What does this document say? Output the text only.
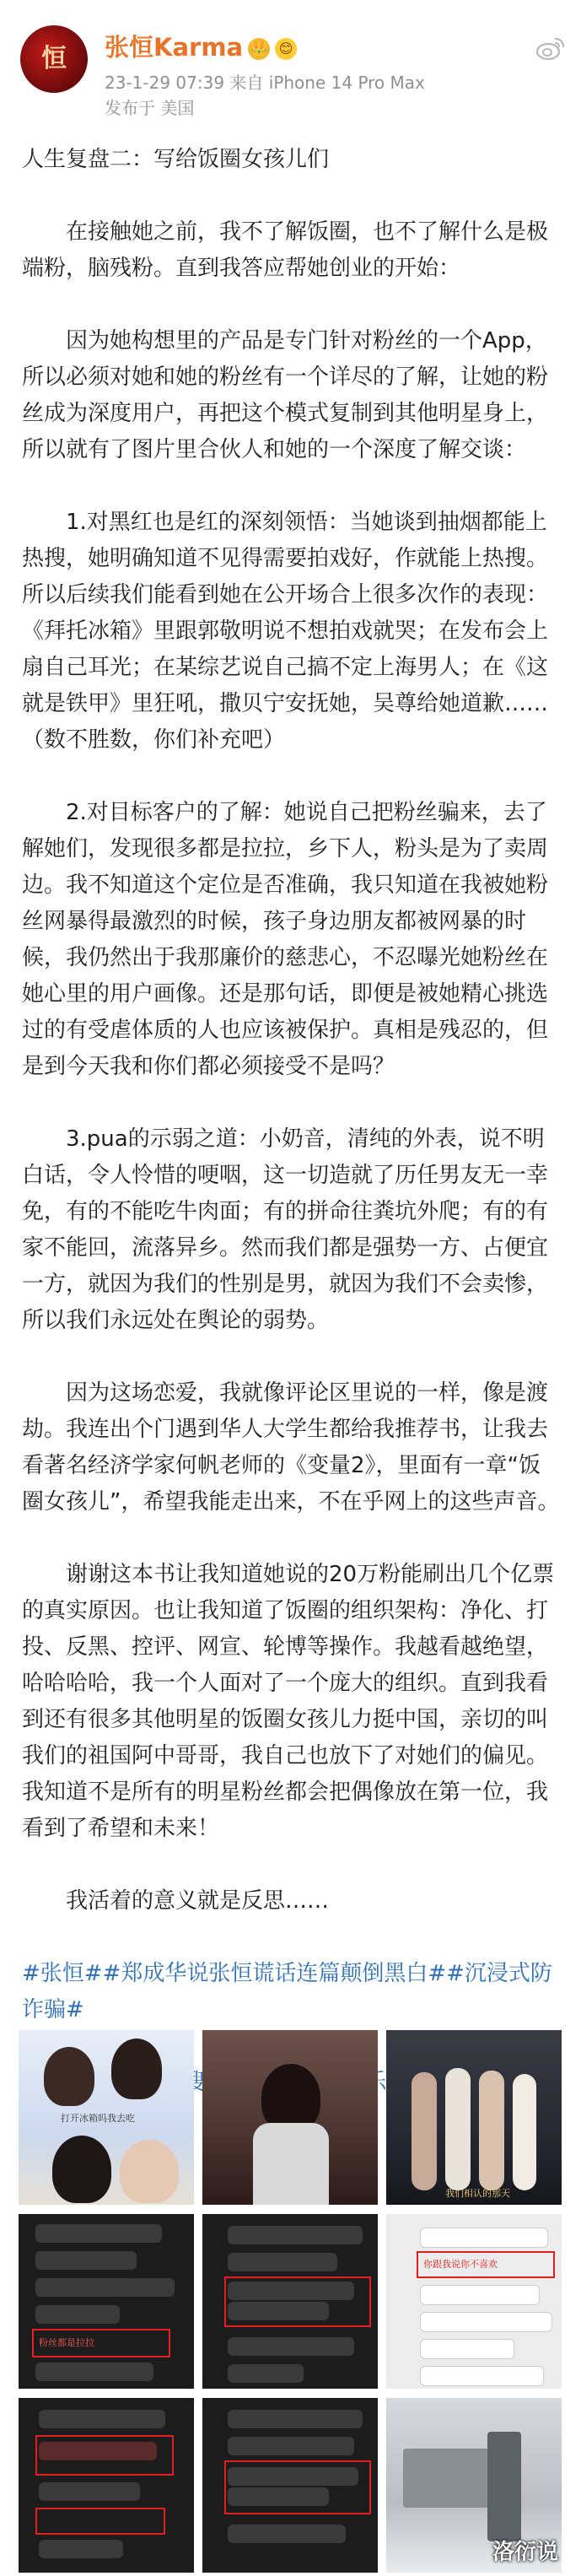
恒	张恒Karma 👑 😊
23-1-29 07:39 来自 iPhone 14 Pro Max
发布于 美国

人生复盘二：写给饭圈女孩儿们

在接触她之前，我不了解饭圈，也不了解什么是极端粉，脑残粉。直到我答应帮她创业的开始：

因为她构想里的产品是专门针对粉丝的一个App，所以必须对她和她的粉丝有一个详尽的了解，让她的粉丝成为深度用户，再把这个模式复制到其他明星身上，所以就有了图片里合伙人和她的一个深度了解交谈：

1.对黑红也是红的深刻领悟：当她谈到抽烟都能上热搜，她明确知道不见得需要拍戏好，作就能上热搜。所以后续我们能看到她在公开场合上很多次作的表现：《拜托冰箱》里跟郭敬明说不想拍戏就哭；在发布会上扇自己耳光；在某综艺说自己搞不定上海男人；在《这就是铁甲》里狂吼，撒贝宁安抚她，吴尊给她道歉……（数不胜数，你们补充吧）

2.对目标客户的了解：她说自己把粉丝骗来，去了解她们，发现很多都是拉拉，乡下人，粉头是为了卖周边。我不知道这个定位是否准确，我只知道在我被她粉丝网暴得最激烈的时候，孩子身边朋友都被网暴的时候，我仍然出于我那廉价的慈悲心，不忍曝光她粉丝在她心里的用户画像。还是那句话，即便是被她精心挑选过的有受虐体质的人也应该被保护。真相是残忍的，但是到今天我和你们都必须接受不是吗？

3.pua的示弱之道：小奶音，清纯的外表，说不明白话，令人怜惜的哽咽，这一切造就了历任男友无一幸免，有的不能吃牛肉面；有的拼命往粪坑外爬；有的有家不能回，流落异乡。然而我们都是强势一方、占便宜一方，就因为我们的性别是男，就因为我们不会卖惨，所以我们永远处在舆论的弱势。

因为这场恋爱，我就像评论区里说的一样，像是渡劫。我连出个门遇到华人大学生都给我推荐书，让我去看著名经济学家何帆老师的《变量2》，里面有一章“饭圈女孩儿”，希望我能走出来，不在乎网上的这些声音。

谢谢这本书让我知道她说的20万粉能刷出几个亿票的真实原因。也让我知道了饭圈的组织架构：净化、打投、反黑、控评、网宣、轮博等操作。我越看越绝望，哈哈哈哈，我一个人面对了一个庞大的组织。直到我看到还有很多其他明星的饭圈女孩儿力挺中国，亲切的叫我们的祖国阿中哥哥，我自己也放下了对她们的偏见。我知道不是所有的明星粉丝都会把偶像放在第一位，我看到了希望和未来！

我活着的意义就是反思……

#张恒##郑成华说张恒谎话连篇颠倒黑白##沉浸式防诈骗#

打开冰箱吗我去吃
我们相认的那天
粉丝都是拉拉
你跟我说你不喜欢
洛衍说
